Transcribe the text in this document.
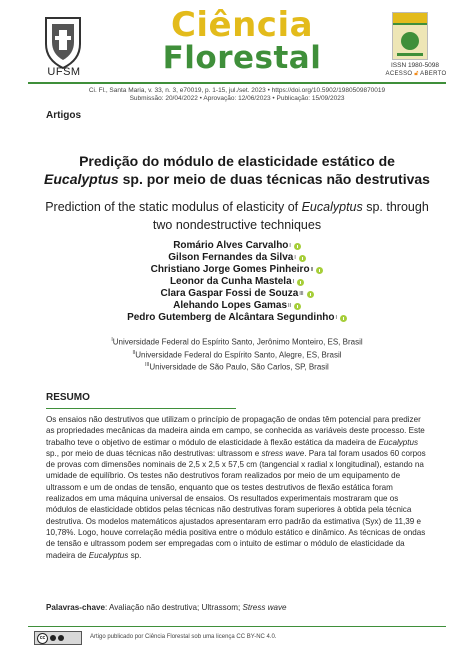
UFSM
Ciência
Florestal	ISSN 1980-5098
ACESSO 🔓︎ ABERTO
Ci. Fl., Santa Maria, v. 33, n. 3, e70019, p. 1-15, jul./set. 2023 • https://doi.org/10.5902/1980509870019
Submissão: 20/04/2022 • Aprovação: 12/06/2023 • Publicação: 15/09/2023
Artigos
Predição do módulo de elasticidade estático de Eucalyptus sp. por meio de duas técnicas não destrutivas
Prediction of the static modulus of elasticity of Eucalyptus sp. through two nondestructive techniques
Romário Alves Carvalho I
Gilson Fernandes da Silva I
Christiano Jorge Gomes Pinheiro II
Leonor da Cunha Mastela I
Clara Gaspar Fossi de Souza III
Alehando Lopes Gamas II
Pedro Gutemberg de Alcântara Segundinho I
$^I$Universidade Federal do Espírito Santo, Jerônimo Monteiro, ES, Brasil
$^{II}$Universidade Federal do Espírito Santo, Alegre, ES, Brasil
$^{III}$Universidade de São Paulo, São Carlos, SP, Brasil
RESUMO
Os ensaios não destrutivos que utilizam o princípio de propagação de ondas têm potencial para predizer as propriedades mecânicas da madeira ainda em campo, se conhecida as variáveis deste processo. Este trabalho teve o objetivo de estimar o módulo de elasticidade à flexão estática da madeira de Eucalyptus sp., por meio de duas técnicas não destrutivas: ultrassom e stress wave. Para tal foram usados 60 corpos de provas com dimensões nominais de 2,5 x 2,5 x 57,5 cm (tangencial x radial x longitudinal), estando na umidade de equilíbrio. Os testes não destrutivos foram realizados por meio de um equipamento de ultrassom e um de ondas de tensão, enquanto que os testes destrutivos de flexão estática foram realizados em uma máquina universal de ensaios. Os resultados experimentais mostraram que os módulos de elasticidade obtidos pelas técnicas não destrutivas foram superiores à obtida pela técnica destrutiva. Os modelos matemáticos ajustados apresentaram erro padrão da estimativa (Syx) de 11,39 e 10,78%. Logo, houve correlação média positiva entre o módulo estático e dinâmico. As técnicas de ondas de tensão e ultrassom podem ser empregadas com o intuito de estimar o módulo de elasticidade da madeira de Eucalyptus sp.
Palavras-chave: Avaliação não destrutiva; Ultrassom; Stress wave
cc	Artigo publicado por Ciência Florestal sob uma licença CC BY-NC 4.0.
